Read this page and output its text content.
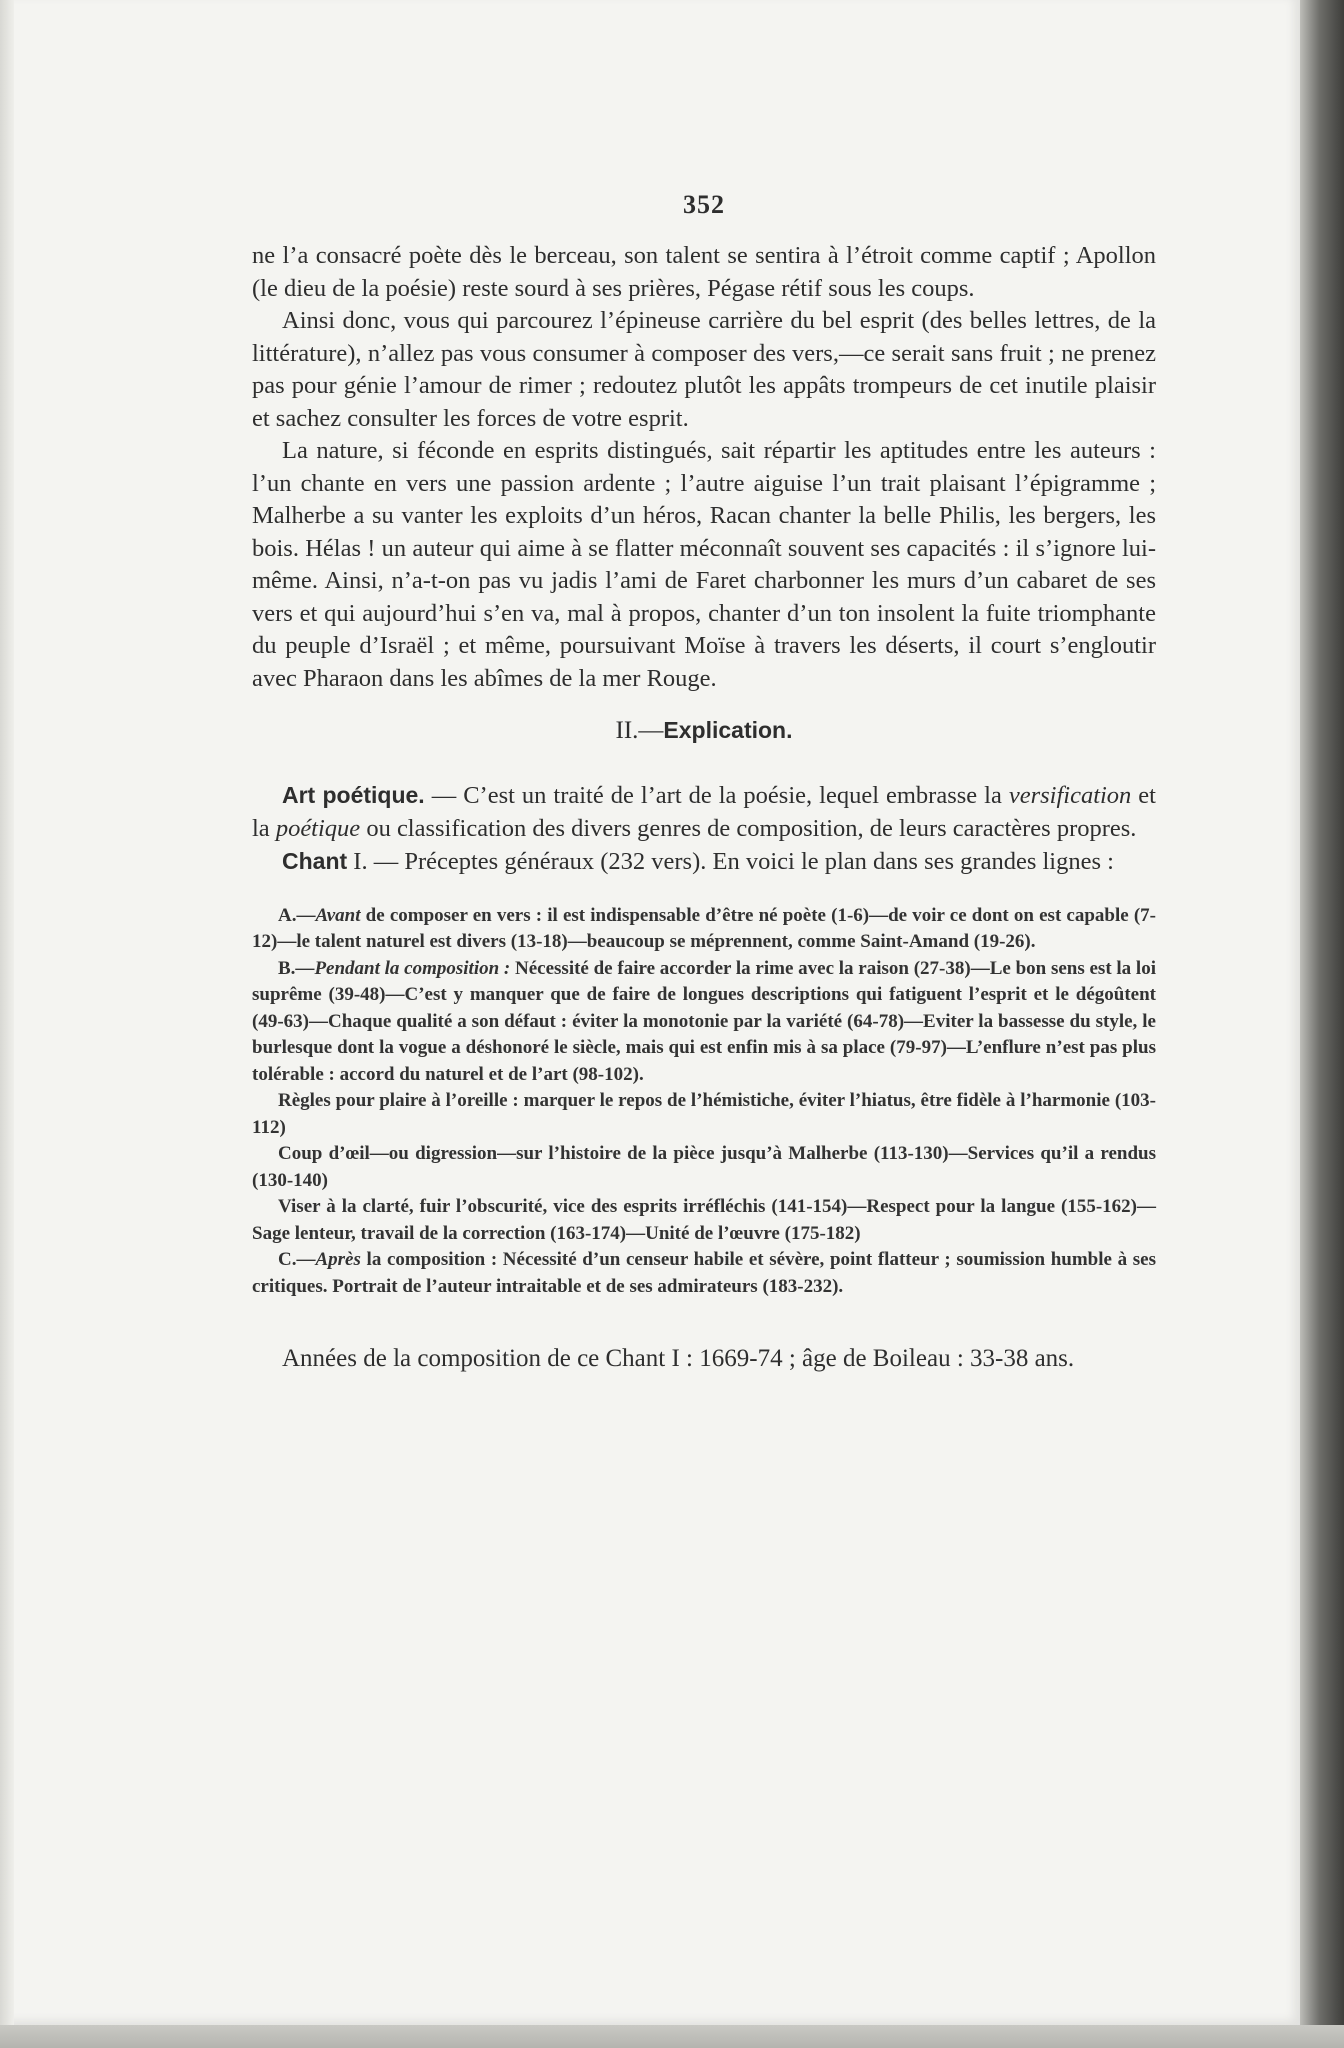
352

ne l’a consacré poète dès le berceau, son talent se sentira à l’étroit comme captif ; Apollon (le dieu de la poésie) reste sourd à ses prières, Pégase rétif sous les coups.

Ainsi donc, vous qui parcourez l’épineuse carrière du bel esprit (des belles lettres, de la littérature), n’allez pas vous consumer à composer des vers,—ce serait sans fruit ; ne prenez pas pour génie l’amour de rimer ; redoutez plutôt les appâts trompeurs de cet inutile plaisir et sachez consulter les forces de votre esprit.

La nature, si féconde en esprits distingués, sait répartir les aptitudes entre les auteurs : l’un chante en vers une passion ardente ; l’autre aiguise l’un trait plaisant l’épigramme ; Malherbe a su vanter les exploits d’un héros, Racan chanter la belle Philis, les bergers, les bois. Hélas ! un auteur qui aime à se flatter méconnaît souvent ses capacités : il s’ignore lui-même. Ainsi, n’a-t-on pas vu jadis l’ami de Faret charbonner les murs d’un cabaret de ses vers et qui aujourd’hui s’en va, mal à propos, chanter d’un ton insolent la fuite triomphante du peuple d’Israël ; et même, poursuivant Moïse à travers les déserts, il court s’engloutir avec Pharaon dans les abîmes de la mer Rouge.

II.—Explication.

Art poétique. — C’est un traité de l’art de la poésie, lequel embrasse la versification et la poétique ou classification des divers genres de composition, de leurs caractères propres.

Chant I. — Préceptes généraux (232 vers). En voici le plan dans ses grandes lignes :

A.—Avant de composer en vers : il est indispensable d’être né poète (1-6)—de voir ce dont on est capable (7-12)—le talent naturel est divers (13-18)—beaucoup se méprennent, comme Saint-Amand (19-26).

B.—Pendant la composition : Nécessité de faire accorder la rime avec la raison (27-38)—Le bon sens est la loi suprême (39-48)—C’est y manquer que de faire de longues descriptions qui fatiguent l’esprit et le dégoûtent (49-63)—Chaque qualité a son défaut : éviter la monotonie par la variété (64-78)—Eviter la bassesse du style, le burlesque dont la vogue a déshonoré le siècle, mais qui est enfin mis à sa place (79-97)—L’enflure n’est pas plus tolérable : accord du naturel et de l’art (98-102).

Règles pour plaire à l’oreille : marquer le repos de l’hémistiche, éviter l’hiatus, être fidèle à l’harmonie (103-112)

Coup d’œil—ou digression—sur l’histoire de la pièce jusqu’à Malherbe (113-130)—Services qu’il a rendus (130-140)

Viser à la clarté, fuir l’obscurité, vice des esprits irréfléchis (141-154)—Respect pour la langue (155-162)—Sage lenteur, travail de la correction (163-174)—Unité de l’œuvre (175-182)

C.—Après la composition : Nécessité d’un censeur habile et sévère, point flatteur ; soumission humble à ses critiques. Portrait de l’auteur intraitable et de ses admirateurs (183-232).

Années de la composition de ce Chant I : 1669-74 ; âge de Boileau : 33-38 ans.
